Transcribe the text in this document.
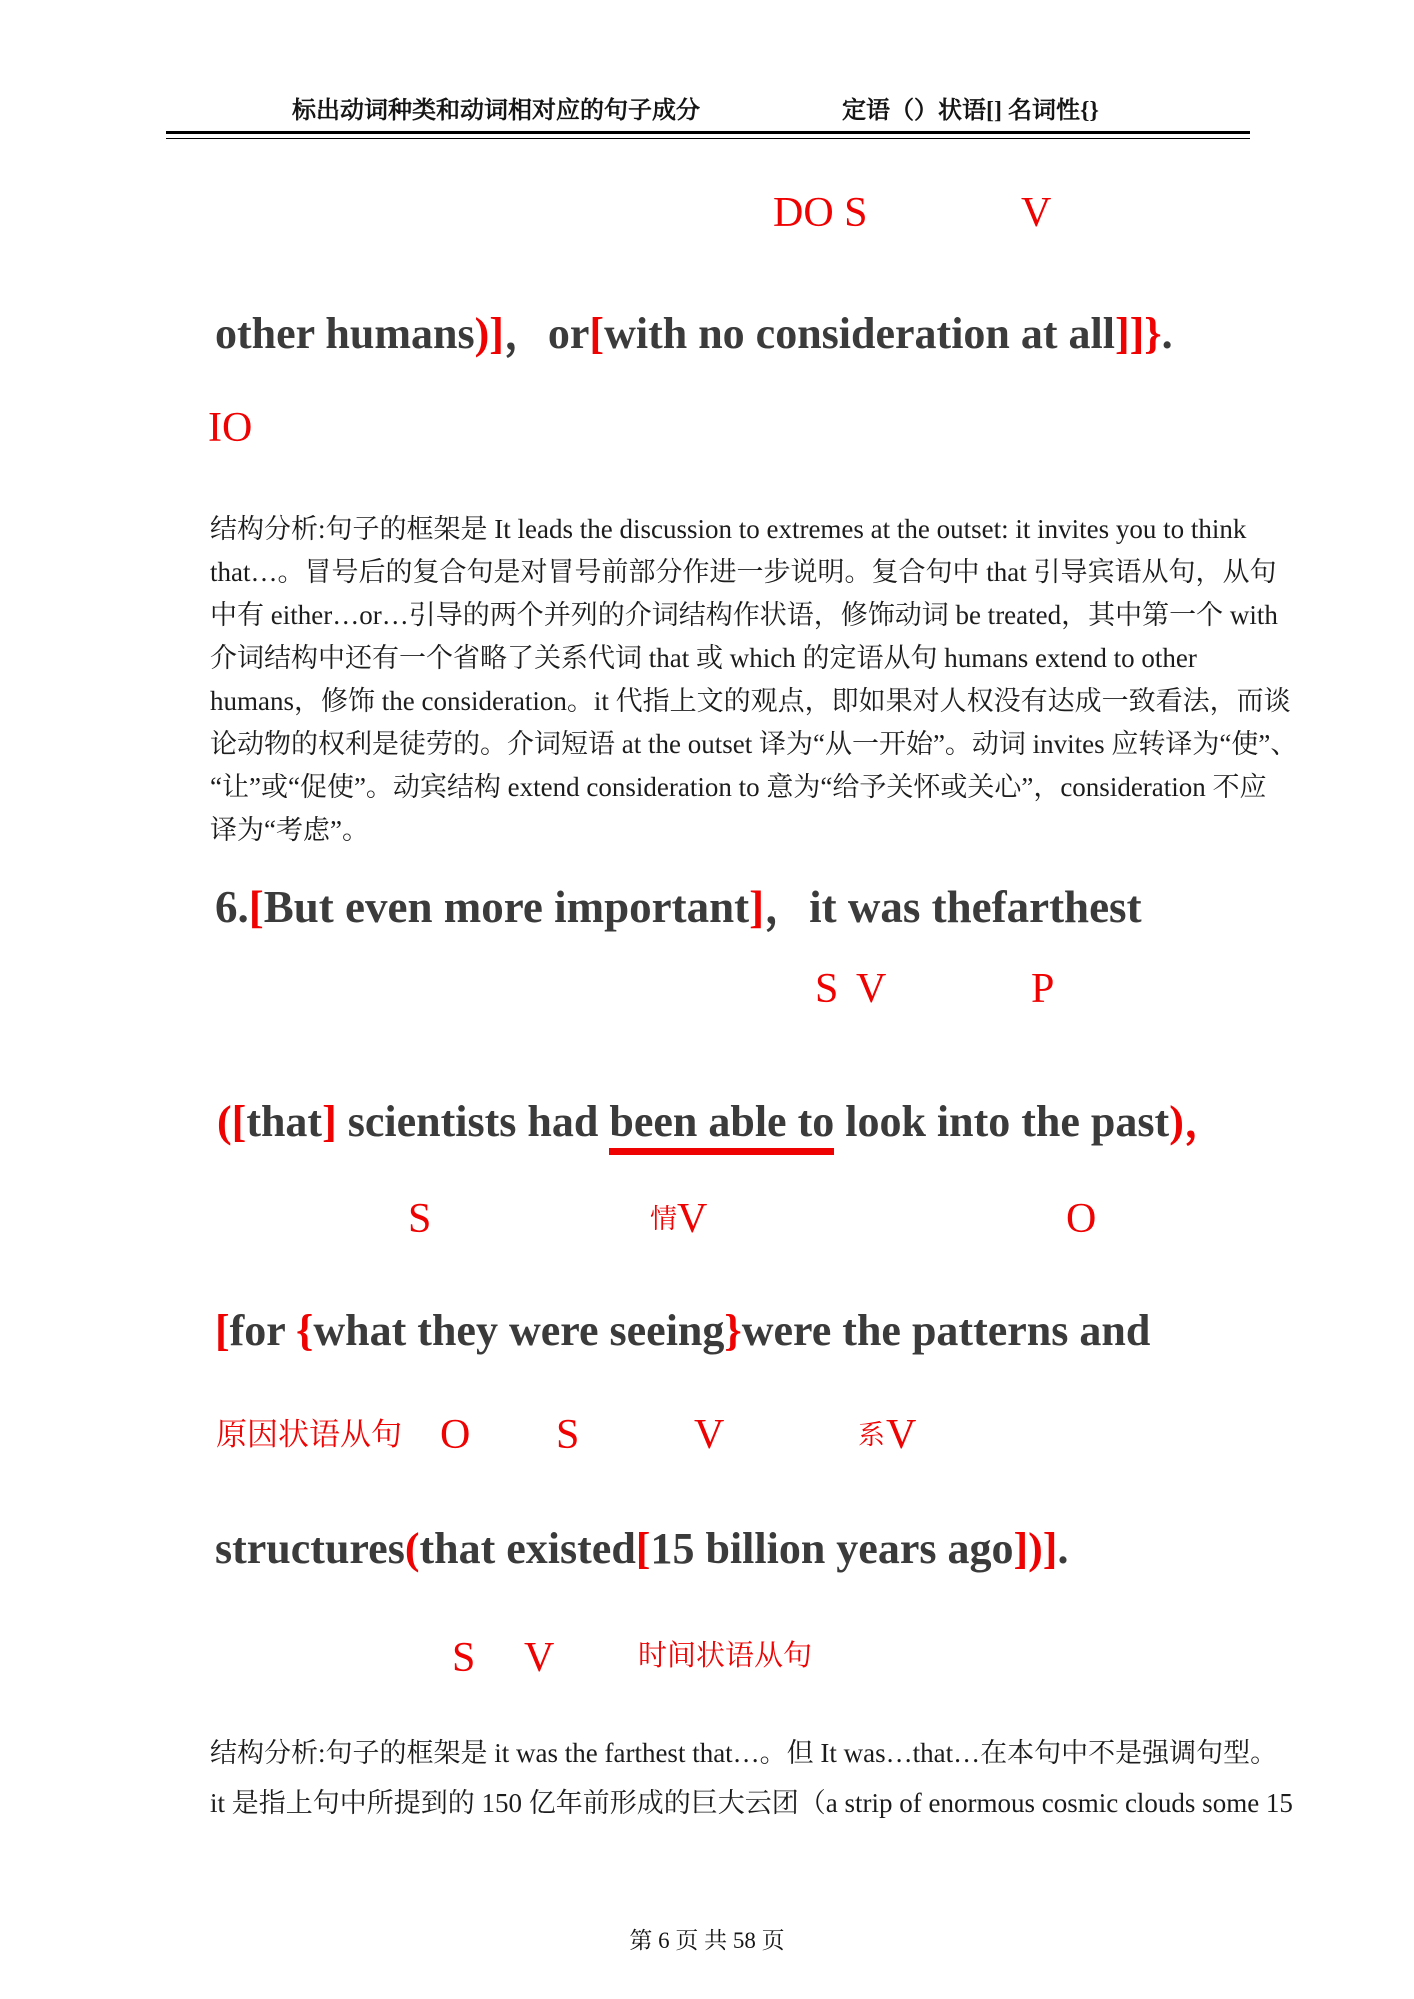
标出动词种类和动词相对应的句子成分	定语（）状语[] 名词性{}
DO S	V
other humans)]，or[with no consideration at all]]}.
IO
结构分析:句子的框架是 It leads the discussion to extremes at the outset: it invites you to think
that…。冒号后的复合句是对冒号前部分作进一步说明。复合句中 that 引导宾语从句，从句
中有 either…or…引导的两个并列的介词结构作状语，修饰动词 be treated，其中第一个 with
介词结构中还有一个省略了关系代词 that 或 which 的定语从句 humans extend to other
humans，修饰 the consideration。it 代指上文的观点，即如果对人权没有达成一致看法，而谈
论动物的权利是徒劳的。介词短语 at the outset 译为“从一开始”。动词 invites 应转译为“使”、
“让”或“促使”。动宾结构 extend consideration to 意为“给予关怀或关心”，consideration 不应
译为“考虑”。
6.[But even more important]，it was thefarthest
S V	P
([that] scientists had been able to look into the past)，
S	情 V	O
[for {what they were seeing}were the patterns and
原因状语从句 O S	V	系 V
structures(that existed[15 billion years ago])].
S V	时间状语从句
结构分析:句子的框架是 it was the farthest that…。但 It was…that…在本句中不是强调句型。
it 是指上句中所提到的 150 亿年前形成的巨大云团（a strip of enormous cosmic clouds some 15
第 6 页 共 58 页
